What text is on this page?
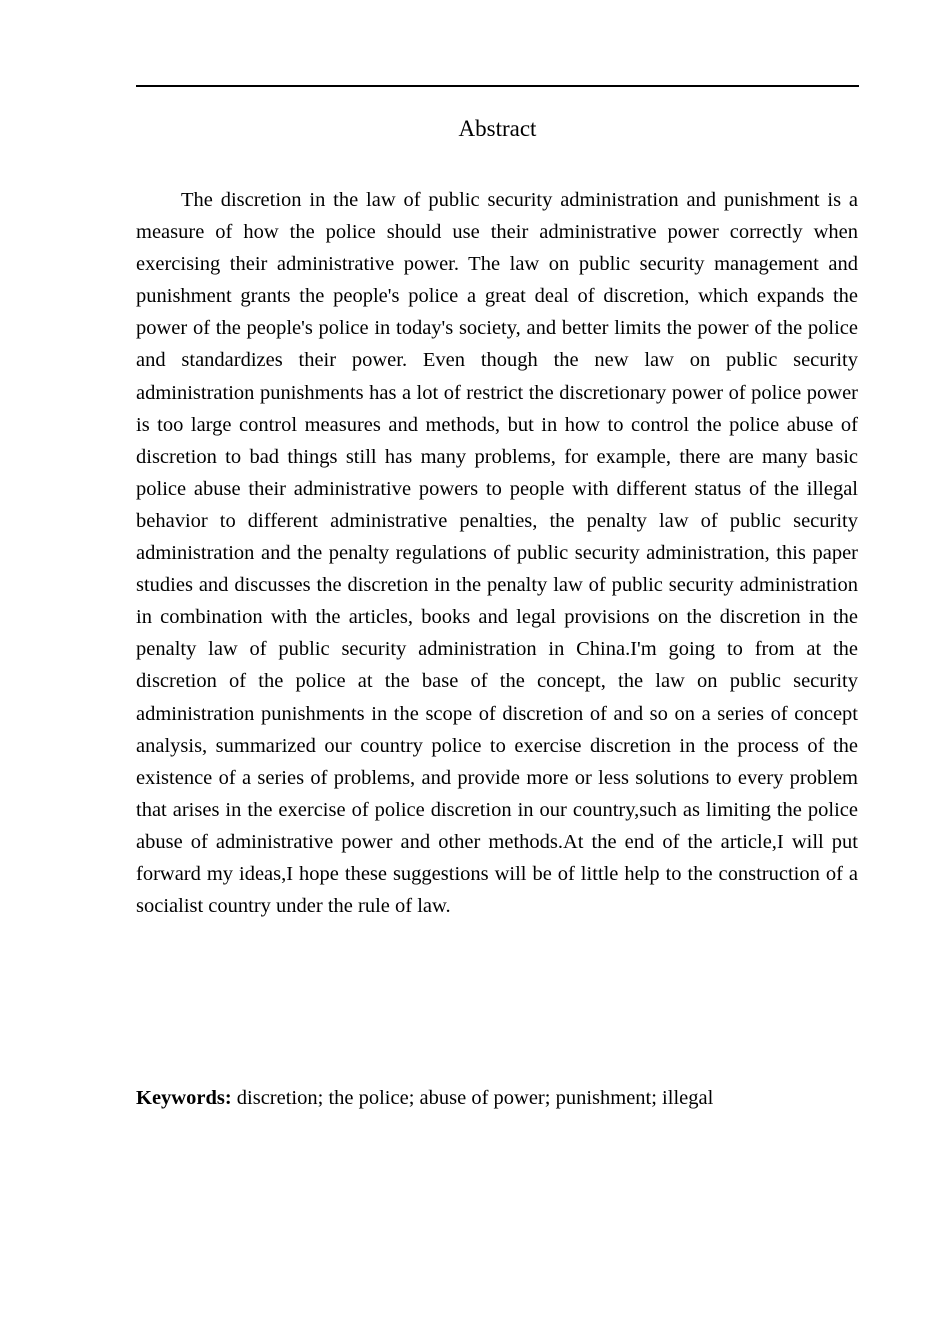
Abstract

The discretion in the law of public security administration and punishment is a measure of how the police should use their administrative power correctly when exercising their administrative power. The law on public security management and punishment grants the people's police a great deal of discretion, which expands the power of the people's police in today's society, and better limits the power of the police and standardizes their power. Even though the new law on public security administration punishments has a lot of restrict the discretionary power of police power is too large control measures and methods, but in how to control the police abuse of discretion to bad things still has many problems, for example, there are many basic police abuse their administrative powers to people with different status of the illegal behavior to different administrative penalties, the penalty law of public security administration and the penalty regulations of public security administration, this paper studies and discusses the discretion in the penalty law of public security administration in combination with the articles, books and legal provisions on the discretion in the penalty law of public security administration in China.I'm going to from at the discretion of the police at the base of the concept, the law on public security administration punishments in the scope of discretion of and so on a series of concept analysis, summarized our country police to exercise discretion in the process of the existence of a series of problems, and provide more or less solutions to every problem that arises in the exercise of police discretion in our country,such as limiting the police abuse of administrative power and other methods.At the end of the article,I will put forward my ideas,I hope these suggestions will be of little help to the construction of a socialist country under the rule of law.

Keywords: discretion; the police; abuse of power; punishment; illegal
